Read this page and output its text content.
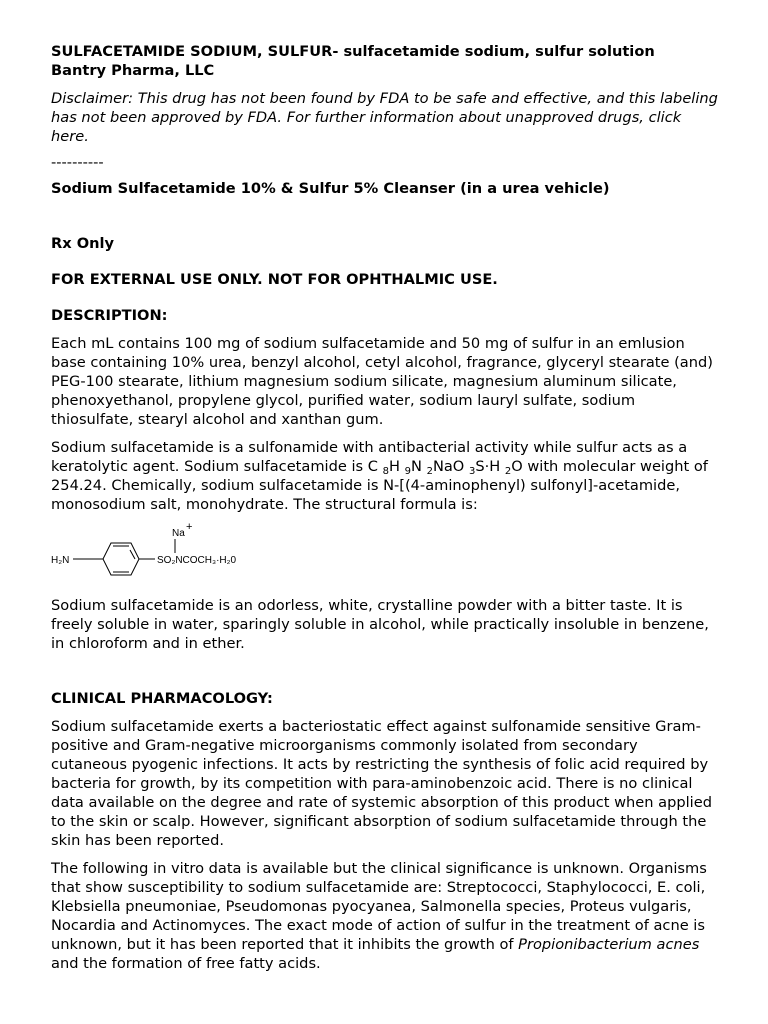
SULFACETAMIDE SODIUM, SULFUR- sulfacetamide sodium, sulfur solution

Bantry Pharma, LLC

Disclaimer: This drug has not been found by FDA to be safe and effective, and this labeling has not been approved by FDA. For further information about unapproved drugs, click here.

----------

Sodium Sulfacetamide 10% & Sulfur 5% Cleanser (in a urea vehicle)

Rx Only

FOR EXTERNAL USE ONLY. NOT FOR OPHTHALMIC USE.

DESCRIPTION:

Each mL contains 100 mg of sodium sulfacetamide and 50 mg of sulfur in an emlusion base containing 10% urea, benzyl alcohol, cetyl alcohol, fragrance, glyceryl stearate (and) PEG-100 stearate, lithium magnesium sodium silicate, magnesium aluminum silicate, phenoxyethanol, propylene glycol, purified water, sodium lauryl sulfate, sodium thiosulfate, stearyl alcohol and xanthan gum.

Sodium sulfacetamide is a sulfonamide with antibacterial activity while sulfur acts as a keratolytic agent. Sodium sulfacetamide is C $_8$H $_9$N $_2$NaO $_3$S·H $_2$O with molecular weight of 254.24. Chemically, sodium sulfacetamide is N-[(4-aminophenyl) sulfonyl]-acetamide, monosodium salt, monohydrate. The structural formula is:

Na
+
H₂N	SO₂NCOCH₃·H₂0

Sodium sulfacetamide is an odorless, white, crystalline powder with a bitter taste. It is freely soluble in water, sparingly soluble in alcohol, while practically insoluble in benzene, in chloroform and in ether.

CLINICAL PHARMACOLOGY:

Sodium sulfacetamide exerts a bacteriostatic effect against sulfonamide sensitive Gram-positive and Gram-negative microorganisms commonly isolated from secondary cutaneous pyogenic infections. It acts by restricting the synthesis of folic acid required by bacteria for growth, by its competition with para-aminobenzoic acid. There is no clinical data available on the degree and rate of systemic absorption of this product when applied to the skin or scalp. However, significant absorption of sodium sulfacetamide through the skin has been reported.

The following in vitro data is available but the clinical significance is unknown. Organisms that show susceptibility to sodium sulfacetamide are: Streptococci, Staphylococci, E. coli, Klebsiella pneumoniae, Pseudomonas pyocyanea, Salmonella species, Proteus vulgaris, Nocardia and Actinomyces. The exact mode of action of sulfur in the treatment of acne is unknown, but it has been reported that it inhibits the growth of Propionibacterium acnes and the formation of free fatty acids.
